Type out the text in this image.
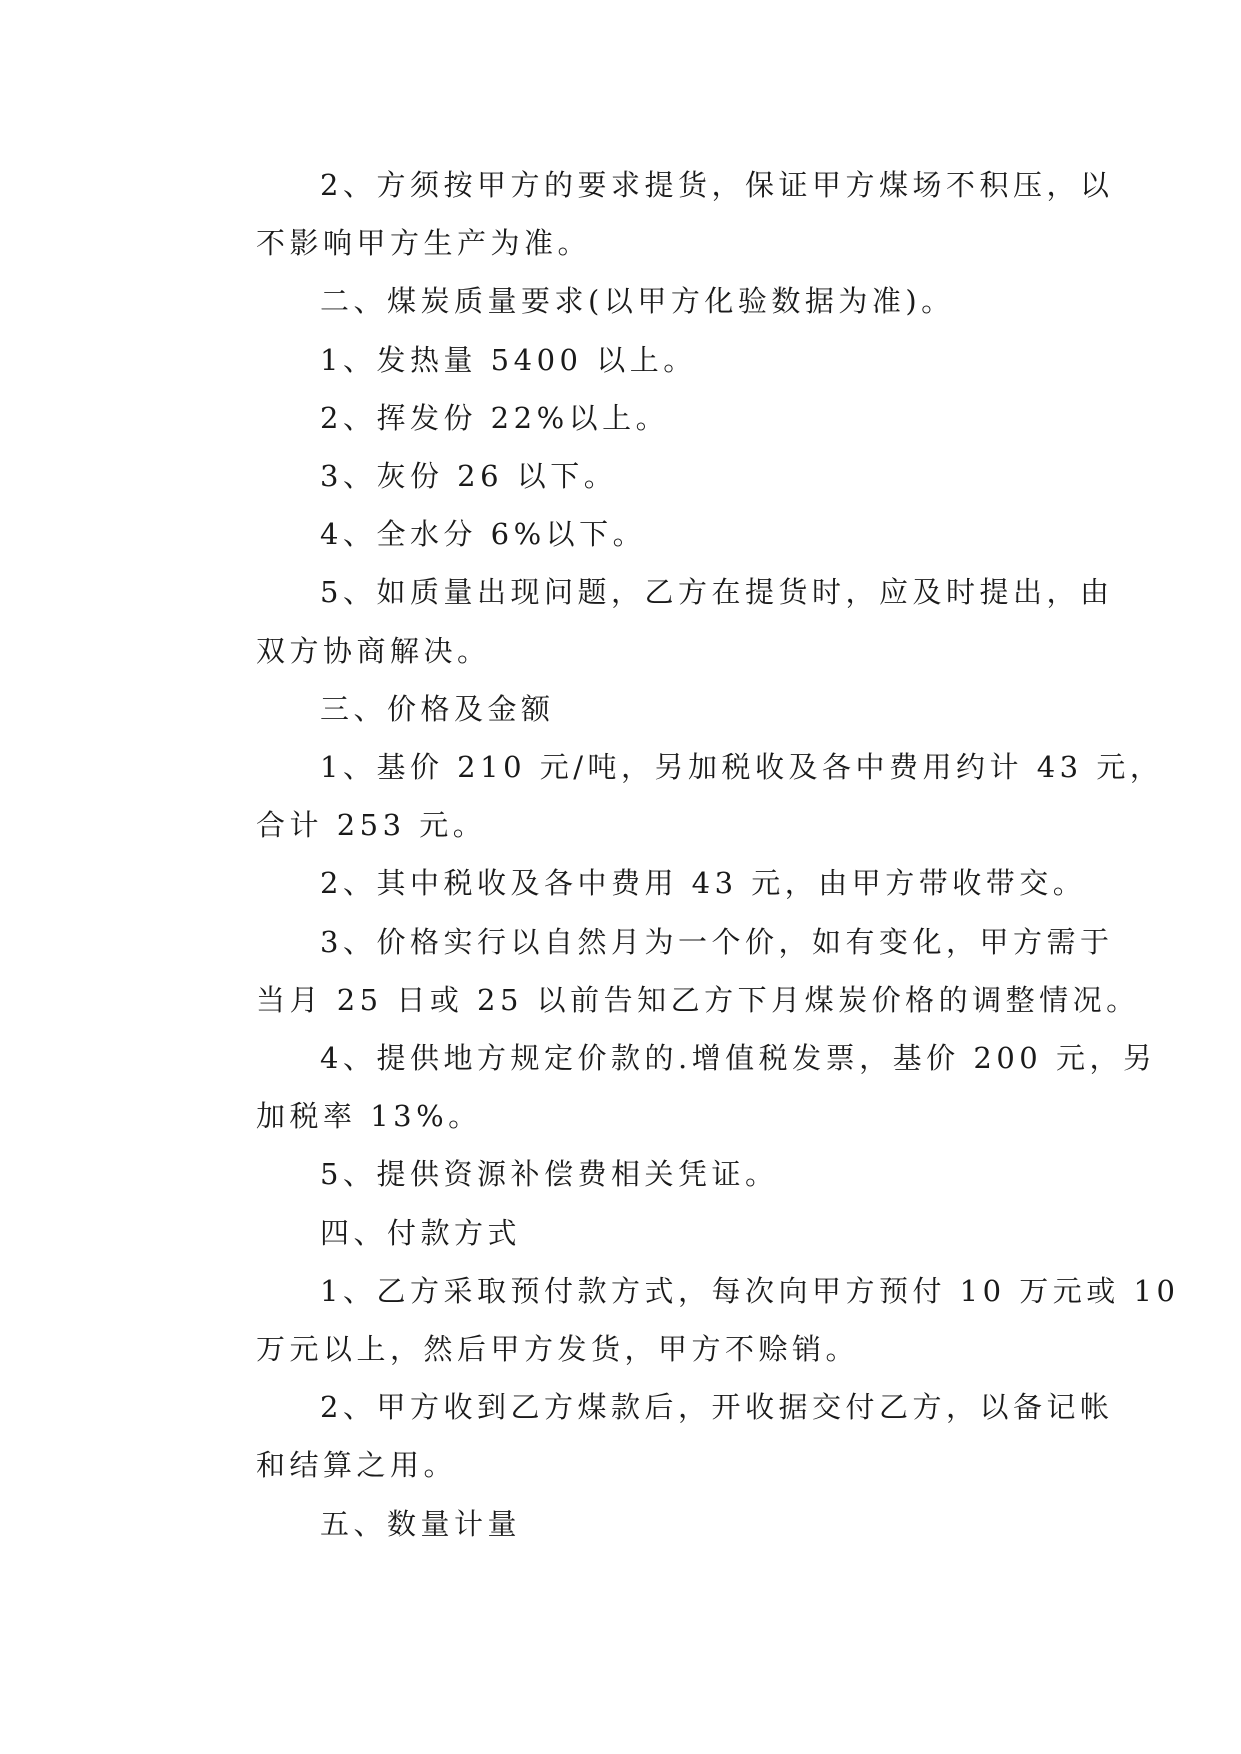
2、方须按甲方的要求提货，保证甲方煤场不积压，以
不影响甲方生产为准。
二、煤炭质量要求(以甲方化验数据为准)。
1、发热量 5400 以上。
2、挥发份 22%以上。
3、灰份 26 以下。
4、全水分 6%以下。
5、如质量出现问题，乙方在提货时，应及时提出，由
双方协商解决。
三、价格及金额
1、基价 210 元/吨，另加税收及各中费用约计 43 元，
合计 253 元。
2、其中税收及各中费用 43 元，由甲方带收带交。
3、价格实行以自然月为一个价，如有变化，甲方需于
当月 25 日或 25 以前告知乙方下月煤炭价格的调整情况。
4、提供地方规定价款的.增值税发票，基价 200 元，另
加税率 13%。
5、提供资源补偿费相关凭证。
四、付款方式
1、乙方采取预付款方式，每次向甲方预付 10 万元或 10
万元以上，然后甲方发货，甲方不赊销。
2、甲方收到乙方煤款后，开收据交付乙方，以备记帐
和结算之用。
五、数量计量
